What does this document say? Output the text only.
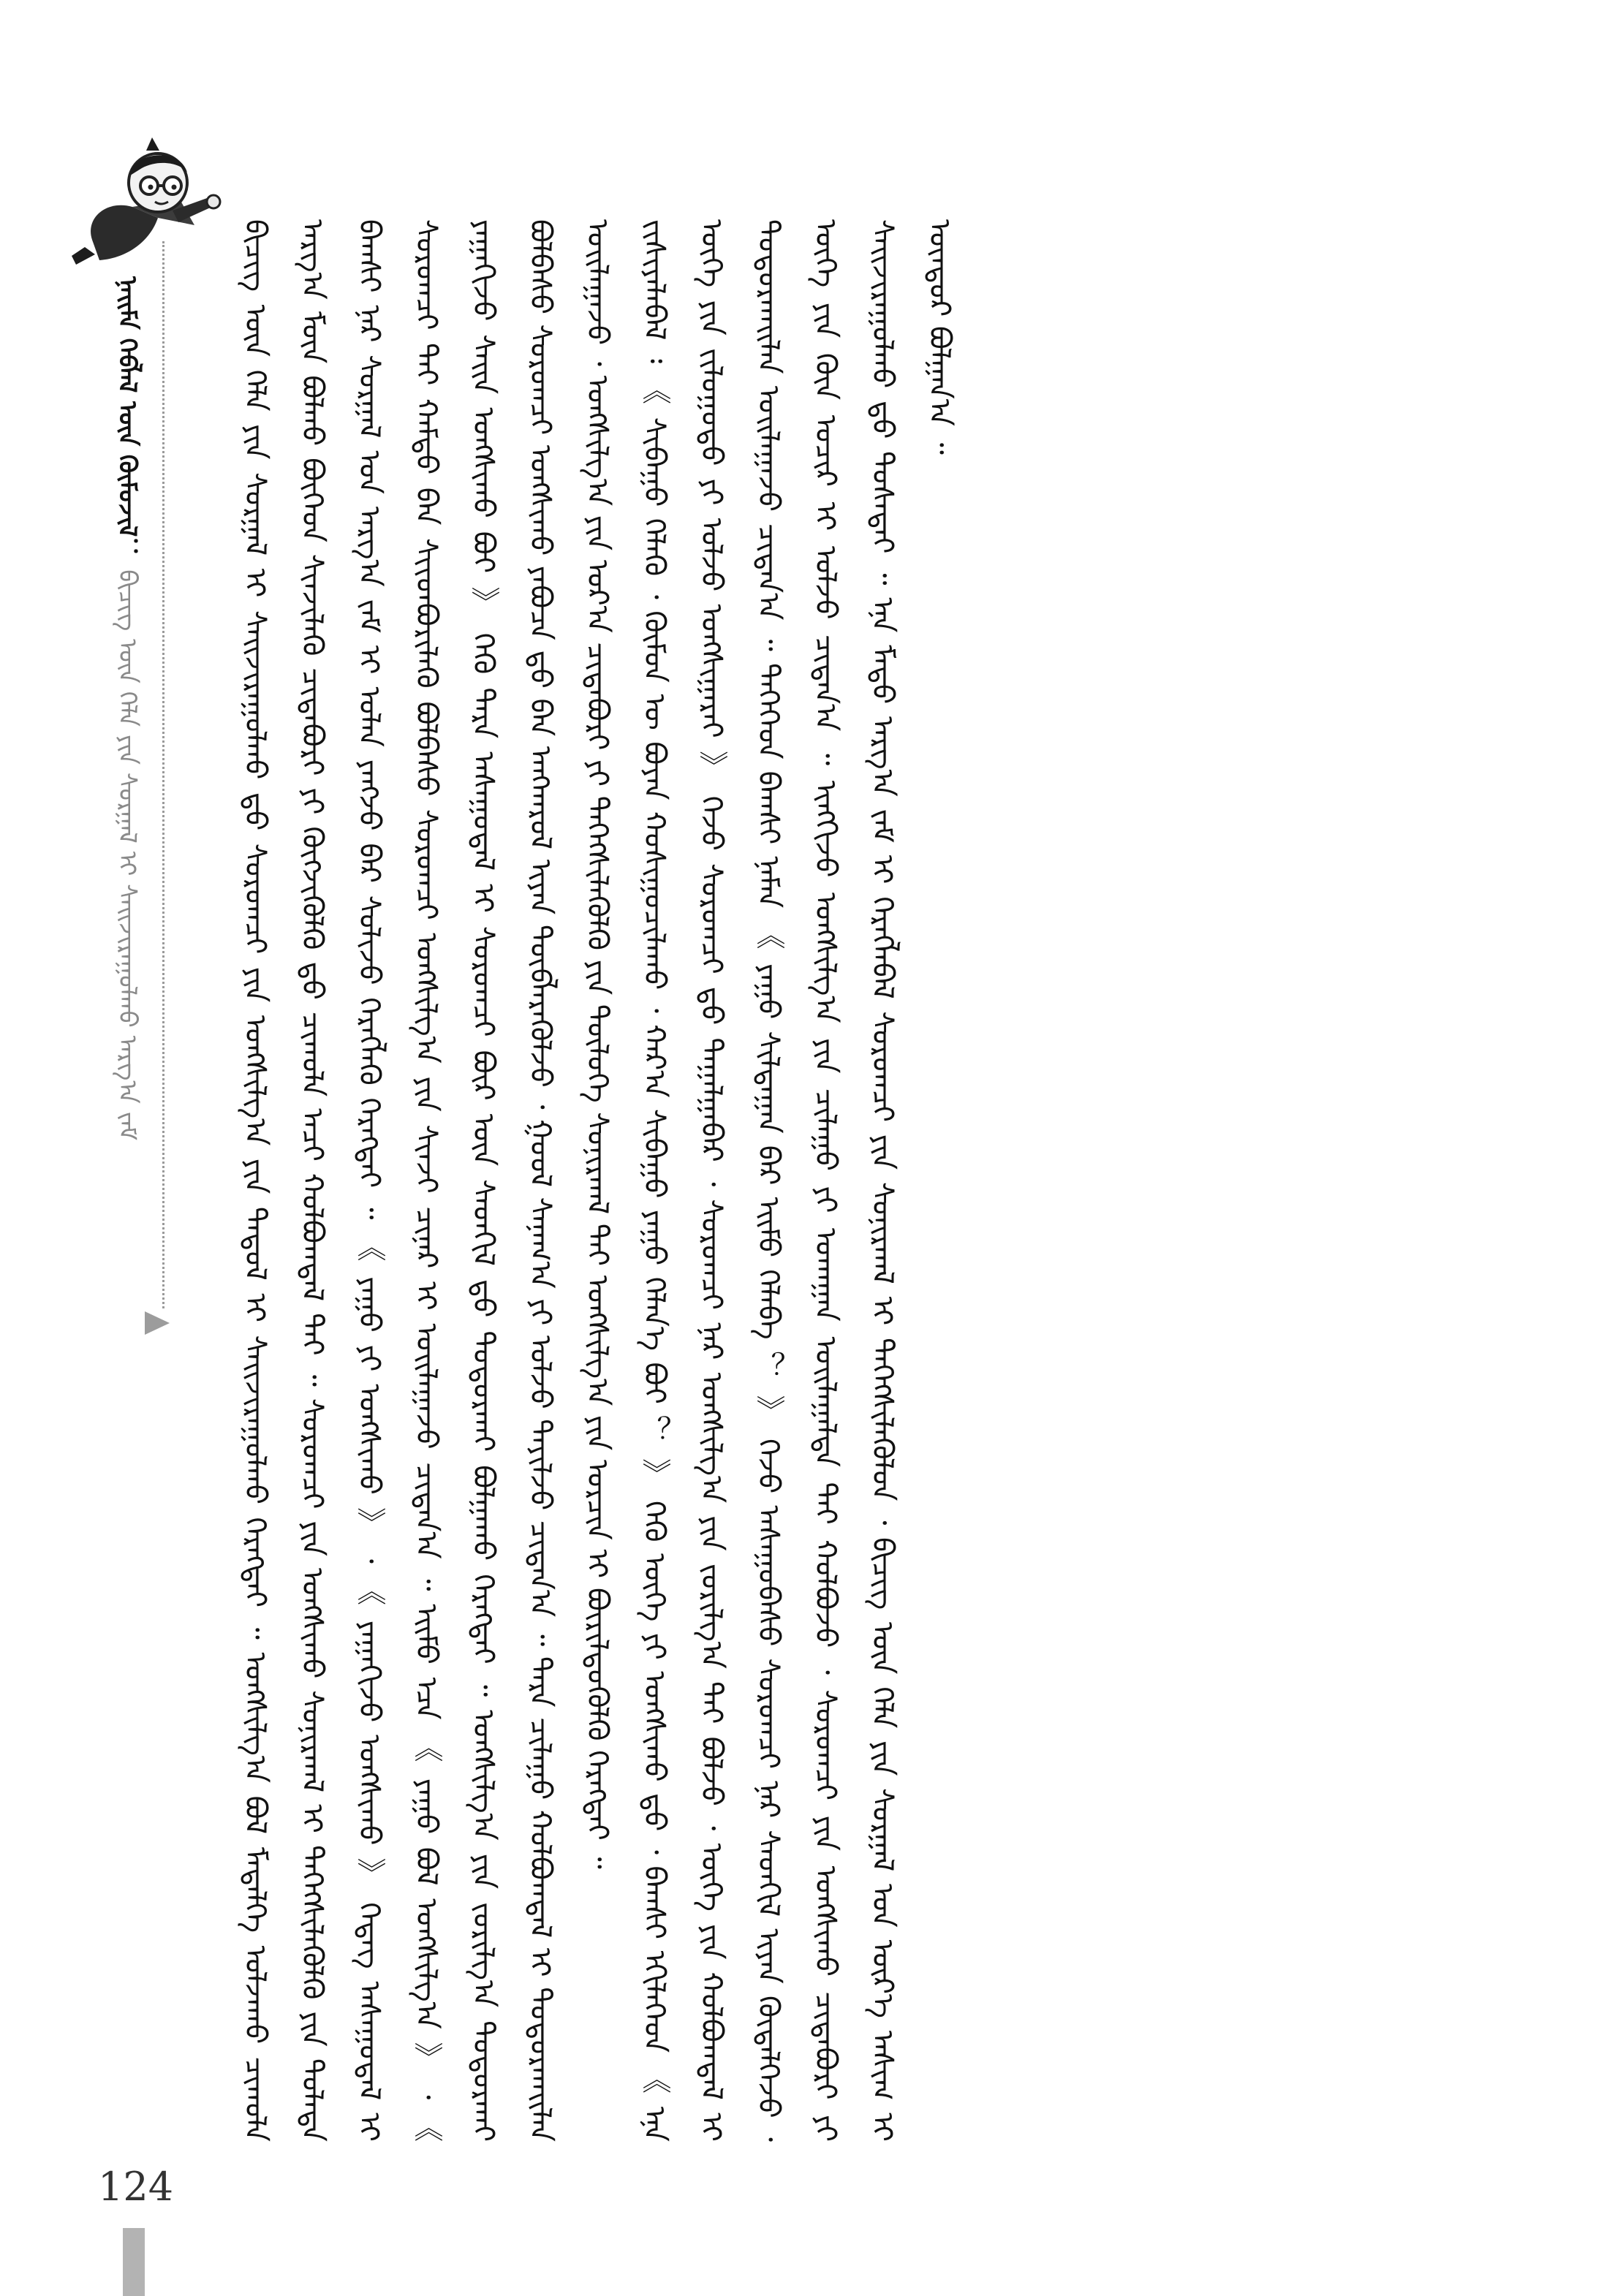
ᠨᠠᠢᠮᠠ ᠬᠡᠪᠯᠡᠯ ᠦᠨ ᠬᠦᠮᠦᠵᠢᠯ： ᠪᠢᠴᠢᠭ ᠦᠨ ᠬᠡᠯᠡ ᠶᠢᠨ ᠰᠤᠷᠭᠠᠯ ᠢ ᠰᠠᠢᠵᠢᠷᠠᠭᠤᠯᠬᠤ ᠠᠷᠭ᠎ᠠ ᠵᠠᠮ	ᠪᠢᠴᠢᠭ ᠦᠨ ᠬᠡᠯᠡ ᠶᠢᠨ ᠰᠤᠷᠭᠠᠯ ᠢ ᠰᠠᠢᠵᠢᠷᠠᠭᠤᠯᠬᠤ ᠳ᠋ᠤ ᠰᠤᠷᠤᠭᠴᠢ ᠶᠢᠨ ᠤᠩᠰᠢᠯᠭ᠎ᠠ ᠶᠢᠨ ᠳᠠᠳᠤᠯ ᠢ ᠰᠠᠢᠵᠢᠷᠠᠭᠤᠯᠬᠤ ᠬᠡᠷᠡᠭᠲᠡᠢ ᠃ ᠤᠩᠰᠢᠯᠭ᠎ᠠ ᠪᠤᠯ ᠮᠡᠳᠡᠯᠭᠡ ᠣᠯᠵᠠᠬᠤ ᠴᠢᠬᠤᠯᠠ ᠠᠷᠭ᠎ᠠ ᠮᠥᠨ ᠪᠣᠯᠬᠣ ᠪᠥᠭᠡᠳ ᠰᠢᠨᠵᠢᠯᠡᠬᠦ ᠴᠢᠳᠠᠪᠤᠷᠢ ᠶᠢ ᠬᠥᠭᠵᠢᠭᠦᠯᠬᠦ ᠳ᠋ᠤ ᠴᠢᠬᠤᠯᠠ ᠠᠴᠢ ᠬᠣᠯᠪᠣᠭᠳᠠᠯ ᠲᠠᠢ ᠃ ᠰᠤᠷᠤᠭᠴᠢ ᠶᠢᠨ ᠤᠩᠰᠢᠬᠤ ᠰᠣᠨᠢᠷᠬᠠᠯ ᠢ ᠳᠡᠭᠡᠭᠰᠢᠯᠡᠭᠦᠯᠬᠦ ᠶᠢᠨ ᠲᠤᠯᠠᠳᠠ ᠪᠠᠭᠰᠢ ᠨᠠᠷ ᠰᠤᠷᠭᠠᠯ ᠤᠨ ᠠᠷᠭ᠎ᠠ ᠵᠠᠮ ᠢ ᠣᠯᠠᠨ ᠶᠠᠩᠵᠤ ᠪᠠᠷ ᠰᠣᠯᠢᠵᠤ ᠬᠡᠷᠡᠭᠯᠡᠬᠦ ᠬᠡᠷᠡᠭᠲᠡᠢ ᠃ 《 ᠶᠠᠭᠤ ᠶᠢ ᠤᠩᠰᠢᠬᠤ 》 ᠂ 《 ᠶᠠᠭᠠᠬᠢᠵᠤ ᠤᠩᠰᠢᠬᠤ 》 ᠭᠡᠳᠡᠭ ᠠᠰᠠᠭᠤᠳᠠᠯ ᠢ ᠰᠤᠷᠤᠭᠴᠢ ᠲᠠᠢ ᠬᠠᠮᠲᠤ ᠪᠡᠨ ᠰᠢᠢᠳᠪᠦᠷᠢᠯᠡᠬᠦ ᠪᠣᠯᠪᠠᠰᠤ ᠰᠤᠷᠤᠭᠴᠢ ᠤᠩᠰᠢᠯᠭ᠎ᠠ ᠶᠢᠨ ᠰᠢᠨᠵᠢ ᠴᠢᠨᠠᠷ ᠢ ᠣᠢᠯᠠᠭᠠᠵᠤ ᠴᠢᠳᠠᠨ᠎ᠠ ᠃ ᠡᠢᠮᠦ ᠡᠴᠡ 《 ᠶᠠᠭᠤ ᠪᠣᠯ ᠤᠩᠰᠢᠯᠭ᠎ᠠ 》 ᠂ 《 ᠶᠠᠭᠠᠬᠢᠵᠤ ᠰᠠᠢᠨ ᠤᠩᠰᠢᠬᠤ ᠪᠤᠢ 》 ᠭᠡᠬᠦ ᠲᠡᠷᠡ ᠠᠰᠠᠭᠤᠳᠠᠯ ᠢ ᠰᠤᠷᠤᠭᠴᠢ ᠪᠦᠷ ᠦᠨ ᠰᠡᠳᠬᠢᠯ ᠳ᠋ᠤ ᠲᠣᠳᠣᠷᠬᠠᠢ ᠪᠣᠯᠭᠠᠬᠤ ᠬᠡᠷᠡᠭᠲᠡᠢ ᠃ ᠤᠩᠰᠢᠯᠭ᠎ᠠ ᠶᠢᠨ ᠵᠣᠷᠢᠯᠭ᠎ᠠ ᠲᠣᠳᠣᠷᠬᠠᠢ ᠪᠣᠯᠪᠠᠰᠤ ᠰᠤᠷᠤᠭᠴᠢ ᠤᠩᠰᠢᠬᠤ ᠶᠠᠪᠤᠴᠠ ᠳ᠋ᠤ ᠪᠡᠨ ᠠᠩᠬᠠᠷᠤᠯ ᠢᠶᠡᠨ ᠲᠥᠪᠯᠡᠷᠡᠭᠦᠯᠵᠦ ᠂ ᠭᠣᠤᠯ ᠰᠠᠨᠠᠭ᠎ᠠ ᠶᠢ ᠣᠯᠵᠤ ᠲᠡᠶᠢᠯᠵᠦ ᠴᠢᠳᠠᠨ᠎ᠠ ᠃ ᠲᠡᠷᠡ ᠴᠢᠯᠠᠭᠤ ᠬᠣᠯᠪᠣᠭᠳᠠᠯ ᠢ ᠲᠣᠳᠣᠷᠬᠠᠢᠯᠠᠨ ᠣᠢᠯᠠᠭᠠᠵᠤ ᠂ ᠤᠩᠰᠢᠯᠭ᠎ᠠ ᠶᠢᠨ ᠤᠷ᠎ᠠ ᠴᠢᠳᠠᠪᠤᠷᠢ ᠶᠢ ᠳᠡᠭᠡᠭᠰᠢᠯᠡᠭᠦᠯᠬᠦ ᠶᠢᠨ ᠲᠥᠯᠦᠭᠡ ᠰᠣᠨᠢᠷᠬᠠᠯ ᠲᠠᠢ ᠤᠩᠰᠢᠯᠭ᠎ᠠ ᠶᠢᠨ ᠤᠷᠴᠢᠨ ᠢ ᠪᠦᠷᠢᠯᠳᠦᠭᠦᠯᠬᠦ ᠬᠡᠷᠡᠭᠲᠡᠢ ᠃ ᠵᠢᠱᠢᠶᠡᠯᠡᠪᠡᠯ ᠄ 《 ᠰᠢᠪᠠᠭᠤ ᠬᠡᠯᠡᠬᠦ ᠂ ᠬᠦᠮᠦᠨ ᠦ ᠪᠤᠶᠠᠨ ᠬᠣᠰᠢᠭᠤᠴᠢᠯᠠᠬᠤ ᠂ ᠬᠠᠷ᠎ᠠ ᠰᠢᠪᠠᠭᠤ ᠶᠠᠭᠤ ᠬᠡᠯᠡᠨ᠎ᠡ ᠪᠤᠢ ？ 》 ᠭᠡᠬᠦ ᠦᠭᠡ ᠶᠢ ᠤᠩᠰᠢᠬᠤ ᠳ᠋ᠤ ᠂ ᠪᠠᠭᠰᠢ ᠡᠬᠢᠯᠡᠭᠡᠳ 《 ᠡᠨᠡ ᠦᠭᠡ ᠶᠢᠨ ᠵᠢᠯᠤᠭᠤᠳᠤ ᠶᠢ ᠣᠯᠵᠤ ᠤᠩᠰᠢᠭᠠᠷᠠᠢ 》 ᠭᠡᠵᠦ ᠰᠤᠷᠤᠭᠴᠢ ᠳ᠋ᠤ ᠳᠠᠭᠠᠯᠭᠠᠪᠠᠷ ᠂ ᠰᠤᠷᠤᠭᠴᠢ ᠨᠠᠷ ᠤᠩᠰᠢᠯᠭ᠎ᠠ ᠶᠢᠨ ᠵᠣᠷᠢᠯᠭ᠎ᠠ ᠲᠠᠢ ᠪᠣᠯᠵᠤ ᠂ ᠦᠭᠡ ᠶᠢᠨ ᠬᠣᠯᠪᠣᠭᠳᠠᠯ ᠢ ᠲᠣᠳᠣᠷᠬᠠᠢᠯᠠᠨ ᠣᠢᠯᠠᠭᠠᠵᠤ ᠴᠢᠳᠠᠨ᠎ᠠ ᠃ ᠲᠡᠭᠡᠭᠡᠳ ᠪᠠᠭᠰᠢ ᠨᠡᠮᠡᠨ 《 ᠶᠠᠭᠤ ᠰᠢᠯᠲᠠᠭᠠᠨ ᠪᠠᠷ ᠡᠢᠮᠦ ᠬᠡᠯᠡᠪᠡ ？ 》 ᠭᠡᠵᠦ ᠠᠰᠠᠭᠤᠪᠠᠰᠤ ᠰᠤᠷᠤᠭᠴᠢ ᠨᠠᠷ ᠰᠡᠳᠬᠢᠯ ᠢᠶᠡᠨ ᠬᠥᠳᠡᠯᠭᠡᠵᠦ ᠂ ᠦᠭᠡ ᠶᠢᠨ ᠭᠦᠨ ᠤᠴᠢᠷ ᠢ ᠣᠯᠵᠤ ᠴᠢᠳᠠᠨ᠎ᠠ ᠃ ᠢᠩᠭᠢᠵᠦ ᠤᠩᠰᠢᠯᠭ᠎ᠠ ᠶᠢᠨ ᠴᠢᠯᠠᠭᠤ ᠶᠢ ᠤᠬᠠᠭᠠᠨ ᠣᠢᠯᠠᠭᠠᠯᠲᠠ ᠲᠠᠢ ᠬᠣᠯᠪᠣᠵᠤ ᠂ ᠰᠤᠷᠤᠭᠴᠢ ᠶᠢᠨ ᠤᠩᠰᠢᠬᠤ ᠴᠢᠳᠠᠪᠤᠷᠢ ᠶᠢ ᠰᠠᠢᠵᠢᠷᠠᠭᠤᠯᠬᠤ ᠳ᠋ᠤ ᠲᠤᠰᠠᠲᠠᠢ ᠃ ᠡᠨᠡ ᠮᠡᠲᠦ ᠠᠷᠭ᠎ᠠ ᠵᠠᠮ ᠢ ᠬᠡᠷᠡᠭᠯᠡᠪᠡᠯ ᠰᠤᠷᠤᠭᠴᠢ ᠶᠢᠨ ᠰᠣᠨᠢᠷᠬᠠᠯ ᠢ ᠳᠡᠭᠡᠭᠰᠢᠯᠡᠭᠦᠯᠦᠨ ᠂ ᠪᠢᠴᠢᠭ ᠦᠨ ᠬᠡᠯᠡ ᠶᠢᠨ ᠰᠤᠷᠭᠠᠯ ᠤᠨ ᠦᠷ᠎ᠡ ᠠᠰᠢᠭ ᠢ ᠥᠨᠳᠦᠷ ᠪᠣᠯᠭᠠᠨ᠎ᠠ ᠃

124
